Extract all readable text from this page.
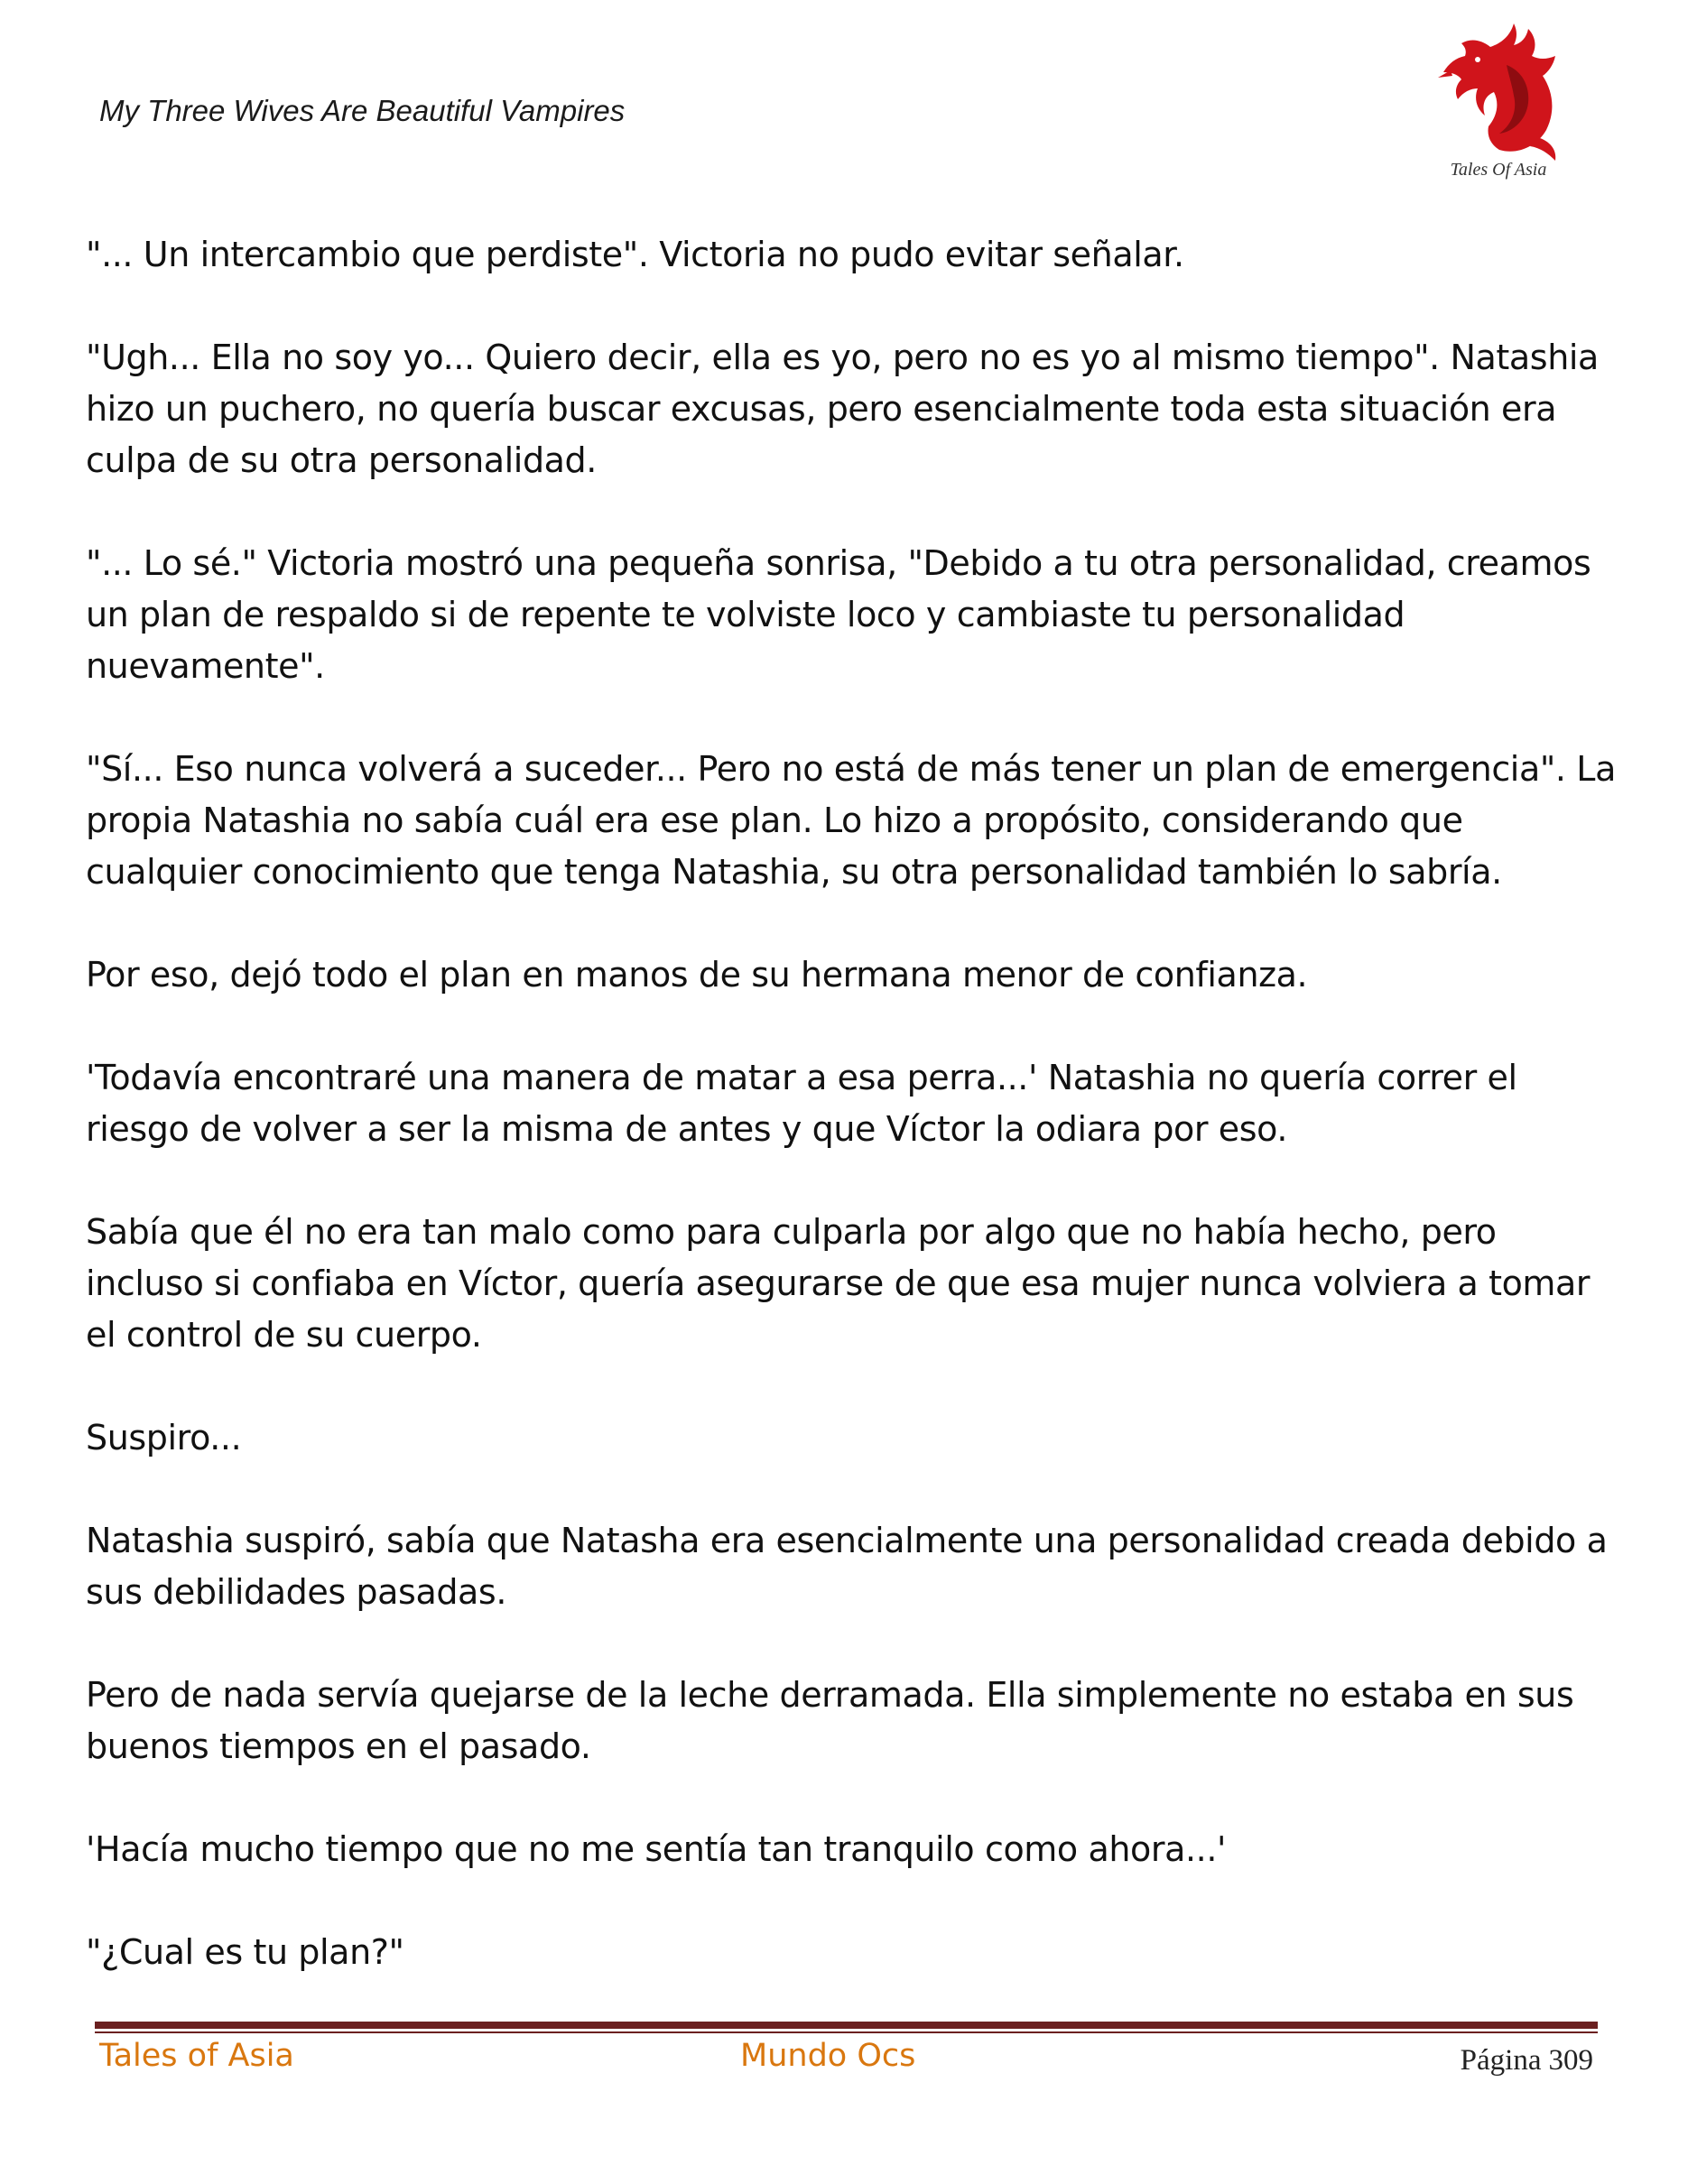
My Three Wives Are Beautiful Vampires
Tales Of Asia

"... Un intercambio que perdiste". Victoria no pudo evitar señalar.

"Ugh... Ella no soy yo... Quiero decir, ella es yo, pero no es yo al mismo tiempo". Natashia hizo un puchero, no quería buscar excusas, pero esencialmente toda esta situación era culpa de su otra personalidad.

"... Lo sé." Victoria mostró una pequeña sonrisa, "Debido a tu otra personalidad, creamos un plan de respaldo si de repente te volviste loco y cambiaste tu personalidad nuevamente".

"Sí... Eso nunca volverá a suceder... Pero no está de más tener un plan de emergencia". La propia Natashia no sabía cuál era ese plan. Lo hizo a propósito, considerando que cualquier conocimiento que tenga Natashia, su otra personalidad también lo sabría.

Por eso, dejó todo el plan en manos de su hermana menor de confianza.

'Todavía encontraré una manera de matar a esa perra...' Natashia no quería correr el riesgo de volver a ser la misma de antes y que Víctor la odiara por eso.

Sabía que él no era tan malo como para culparla por algo que no había hecho, pero incluso si confiaba en Víctor, quería asegurarse de que esa mujer nunca volviera a tomar el control de su cuerpo.

Suspiro...

Natashia suspiró, sabía que Natasha era esencialmente una personalidad creada debido a sus debilidades pasadas.

Pero de nada servía quejarse de la leche derramada. Ella simplemente no estaba en sus buenos tiempos en el pasado.

'Hacía mucho tiempo que no me sentía tan tranquilo como ahora...'

"¿Cual es tu plan?"

Tales of Asia	Mundo Ocs	Página 309
